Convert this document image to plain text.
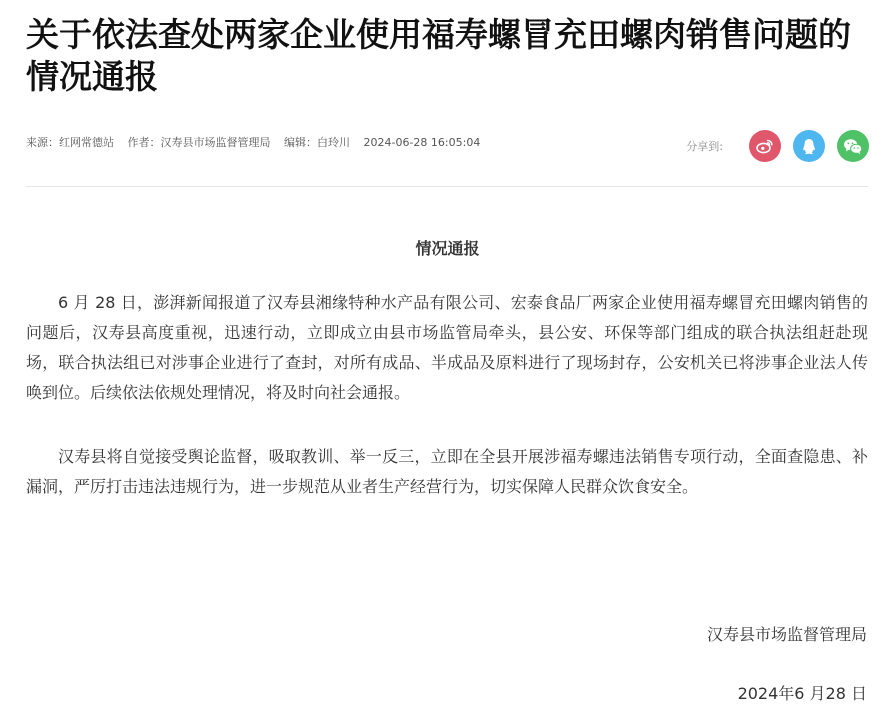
关于依法查处两家企业使用福寿螺冒充田螺肉销售问题的情况通报
来源：红网常德站 作者：汉寿县市场监督管理局 编辑：白玲川 2024-06-28 16:05:04	分享到:
情况通报

6 月 28 日，澎湃新闻报道了汉寿县湘缘特种水产品有限公司、宏泰食品厂两家企业使用福寿螺冒充田螺肉销售的问题后，汉寿县高度重视，迅速行动，立即成立由县市场监管局牵头，县公安、环保等部门组成的联合执法组赶赴现场，联合执法组已对涉事企业进行了查封，对所有成品、半成品及原料进行了现场封存，公安机关已将涉事企业法人传唤到位。后续依法依规处理情况，将及时向社会通报。

汉寿县将自觉接受舆论监督，吸取教训、举一反三，立即在全县开展涉福寿螺违法销售专项行动，全面查隐患、补漏洞，严厉打击违法违规行为，进一步规范从业者生产经营行为，切实保障人民群众饮食安全。

汉寿县市场监督管理局
2024年6 月28 日
